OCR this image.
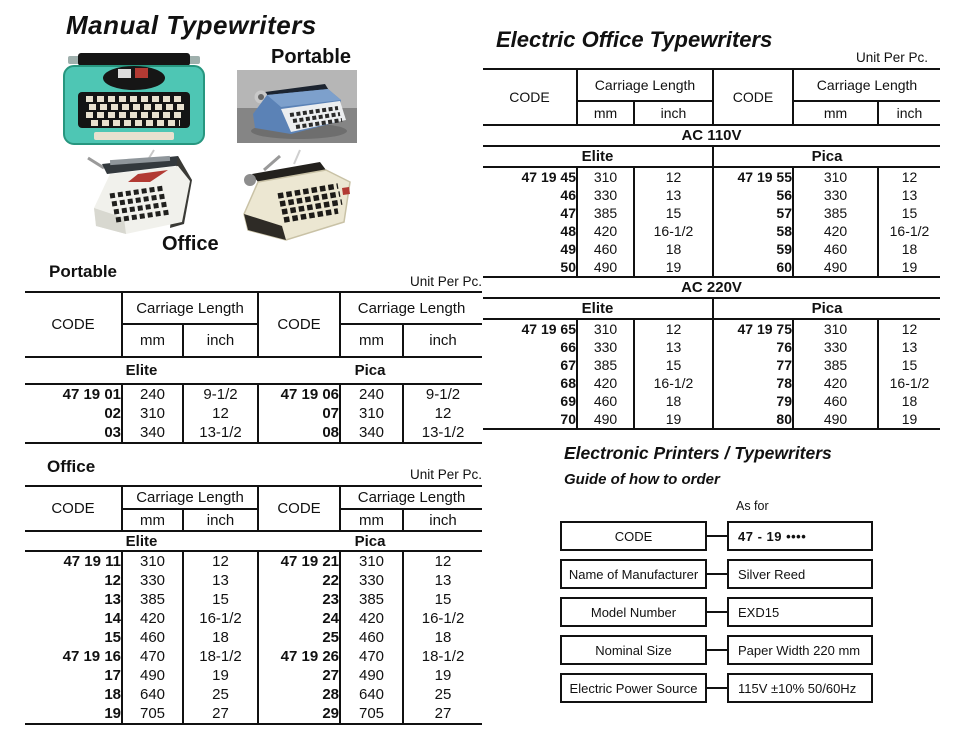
Manual Typewriters
Portable
Office
Portable
Unit Per Pc.
CODE	Carriage Length		CODE	Carriage Length	
	mm	inch		mm	inch
Elite			Pica		
47 19 01	240	9-1/2	47 19 06	240	9-1/2
02	310	12	07	310	12
03	340	13-1/2	08	340	13-1/2
Office	Unit Per Pc.
CODE	Carriage Length		CODE	Carriage Length	
	mm	inch		mm	inch
Elite			Pica		
47 19 11	310	12	47 19 21	310	12
12	330	13	22	330	13
13	385	15	23	385	15
14	420	16-1/2	24	420	16-1/2
15	460	18	25	460	18
47 19 16	470	18-1/2	47 19 26	470	18-1/2
17	490	19	27	490	19
18	640	25	28	640	25
19	705	27	29	705	27
Electric Office Typewriters
Unit Per Pc.
CODE	Carriage Length		CODE	Carriage Length	
	mm	inch		mm	inch
AC 110V					
Elite			Pica		
47 19 45	310	12	47 19 55	310	12
46	330	13	56	330	13
47	385	15	57	385	15
48	420	16-1/2	58	420	16-1/2
49	460	18	59	460	18
50	490	19	60	490	19
AC 220V					
Elite			Pica		
47 19 65	310	12	47 19 75	310	12
66	330	13	76	330	13
67	385	15	77	385	15
68	420	16-1/2	78	420	16-1/2
69	460	18	79	460	18
70	490	19	80	490	19
Electronic Printers / Typewriters
Guide of how to order
As for
CODE	47 - 19 ••••
Name of Manufacturer	Silver Reed
Model Number	EXD15
Nominal Size	Paper Width 220 mm
Electric Power Source	115V ±10% 50/60Hz
